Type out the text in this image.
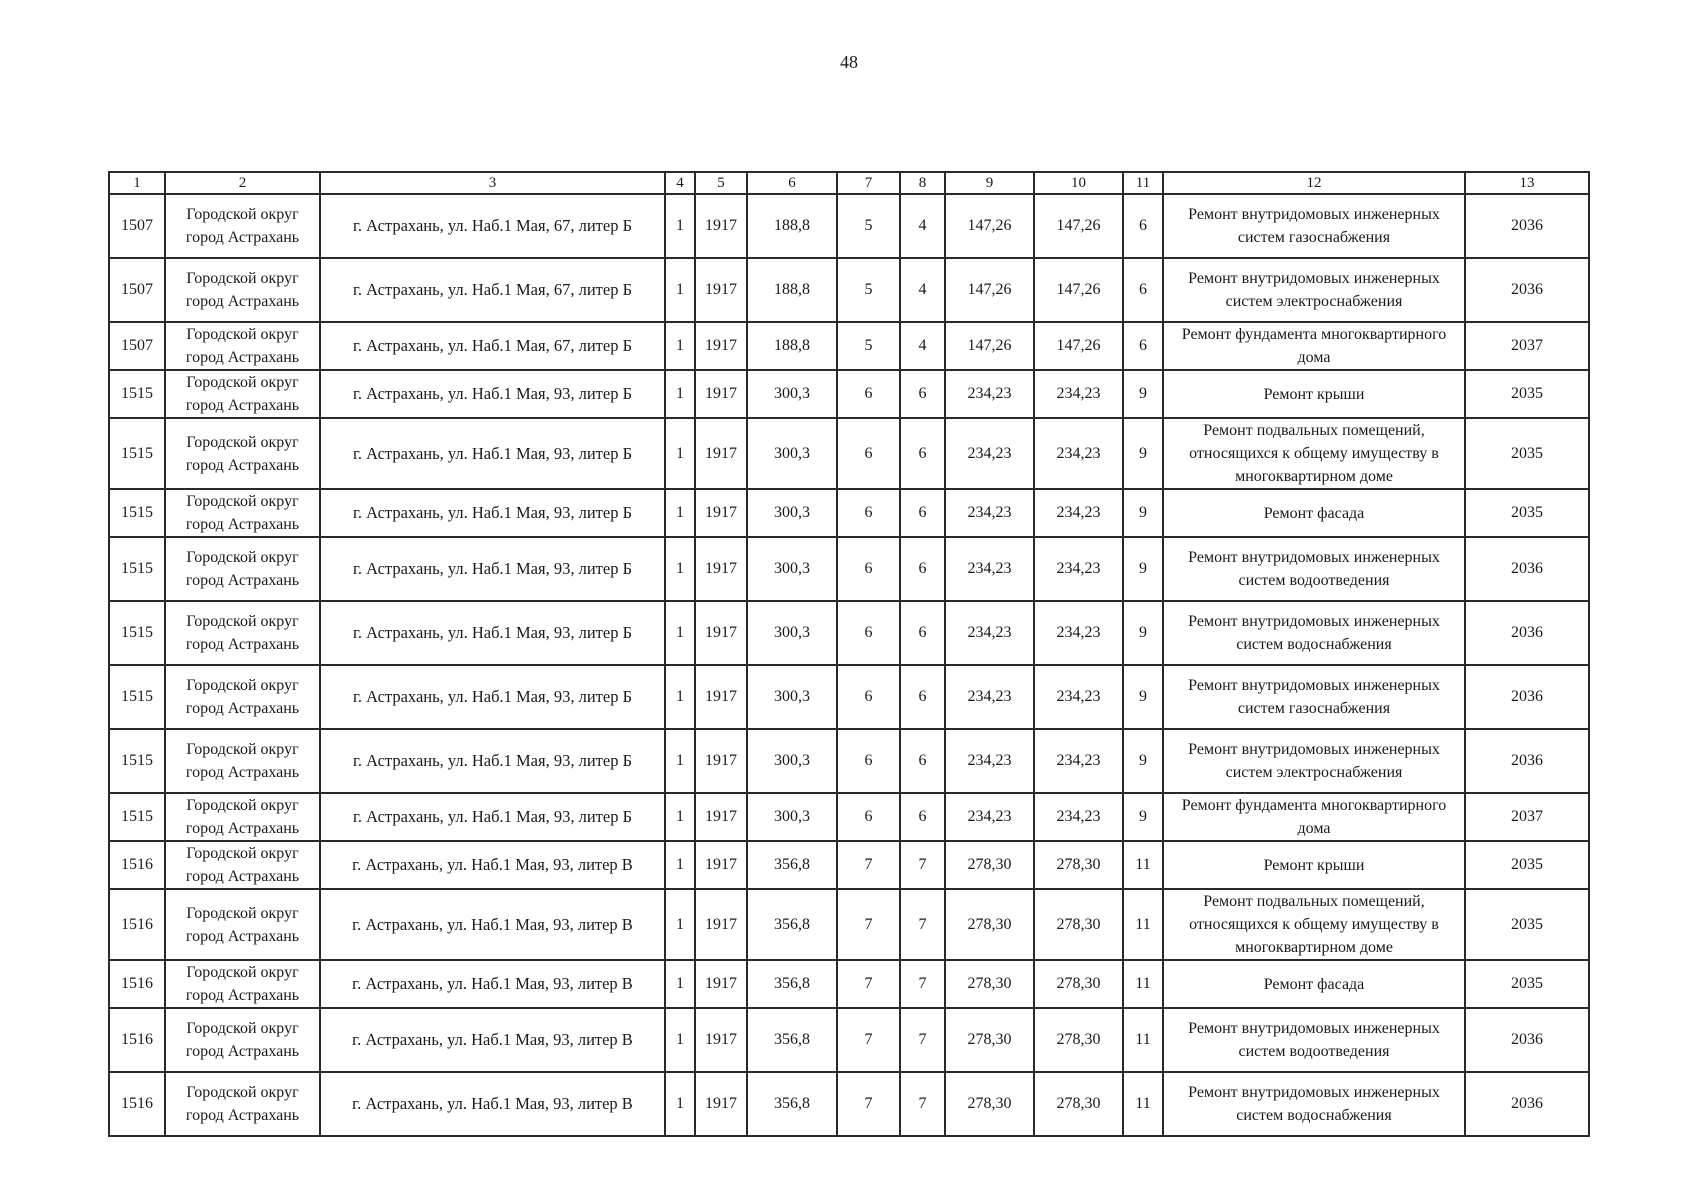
48
1	2	3	4	5	6	7	8	9	10	11	12	13
1507	Городской округ город Астрахань	г. Астрахань, ул. Наб.1 Мая, 67, литер Б	1	1917	188,8	5	4	147,26	147,26	6	Ремонт внутридомовых инженерных систем газоснабжения	2036
1507	Городской округ город Астрахань	г. Астрахань, ул. Наб.1 Мая, 67, литер Б	1	1917	188,8	5	4	147,26	147,26	6	Ремонт внутридомовых инженерных систем электроснабжения	2036
1507	Городской округ город Астрахань	г. Астрахань, ул. Наб.1 Мая, 67, литер Б	1	1917	188,8	5	4	147,26	147,26	6	Ремонт фундамента многоквартирного дома	2037
1515	Городской округ город Астрахань	г. Астрахань, ул. Наб.1 Мая, 93, литер Б	1	1917	300,3	6	6	234,23	234,23	9	Ремонт крыши	2035
1515	Городской округ город Астрахань	г. Астрахань, ул. Наб.1 Мая, 93, литер Б	1	1917	300,3	6	6	234,23	234,23	9	Ремонт подвальных помещений, относящихся к общему имуществу в многоквартирном доме	2035
1515	Городской округ город Астрахань	г. Астрахань, ул. Наб.1 Мая, 93, литер Б	1	1917	300,3	6	6	234,23	234,23	9	Ремонт фасада	2035
1515	Городской округ город Астрахань	г. Астрахань, ул. Наб.1 Мая, 93, литер Б	1	1917	300,3	6	6	234,23	234,23	9	Ремонт внутридомовых инженерных систем водоотведения	2036
1515	Городской округ город Астрахань	г. Астрахань, ул. Наб.1 Мая, 93, литер Б	1	1917	300,3	6	6	234,23	234,23	9	Ремонт внутридомовых инженерных систем водоснабжения	2036
1515	Городской округ город Астрахань	г. Астрахань, ул. Наб.1 Мая, 93, литер Б	1	1917	300,3	6	6	234,23	234,23	9	Ремонт внутридомовых инженерных систем газоснабжения	2036
1515	Городской округ город Астрахань	г. Астрахань, ул. Наб.1 Мая, 93, литер Б	1	1917	300,3	6	6	234,23	234,23	9	Ремонт внутридомовых инженерных систем электроснабжения	2036
1515	Городской округ город Астрахань	г. Астрахань, ул. Наб.1 Мая, 93, литер Б	1	1917	300,3	6	6	234,23	234,23	9	Ремонт фундамента многоквартирного дома	2037
1516	Городской округ город Астрахань	г. Астрахань, ул. Наб.1 Мая, 93, литер В	1	1917	356,8	7	7	278,30	278,30	11	Ремонт крыши	2035
1516	Городской округ город Астрахань	г. Астрахань, ул. Наб.1 Мая, 93, литер В	1	1917	356,8	7	7	278,30	278,30	11	Ремонт подвальных помещений, относящихся к общему имуществу в многоквартирном доме	2035
1516	Городской округ город Астрахань	г. Астрахань, ул. Наб.1 Мая, 93, литер В	1	1917	356,8	7	7	278,30	278,30	11	Ремонт фасада	2035
1516	Городской округ город Астрахань	г. Астрахань, ул. Наб.1 Мая, 93, литер В	1	1917	356,8	7	7	278,30	278,30	11	Ремонт внутридомовых инженерных систем водоотведения	2036
1516	Городской округ город Астрахань	г. Астрахань, ул. Наб.1 Мая, 93, литер В	1	1917	356,8	7	7	278,30	278,30	11	Ремонт внутридомовых инженерных систем водоснабжения	2036
